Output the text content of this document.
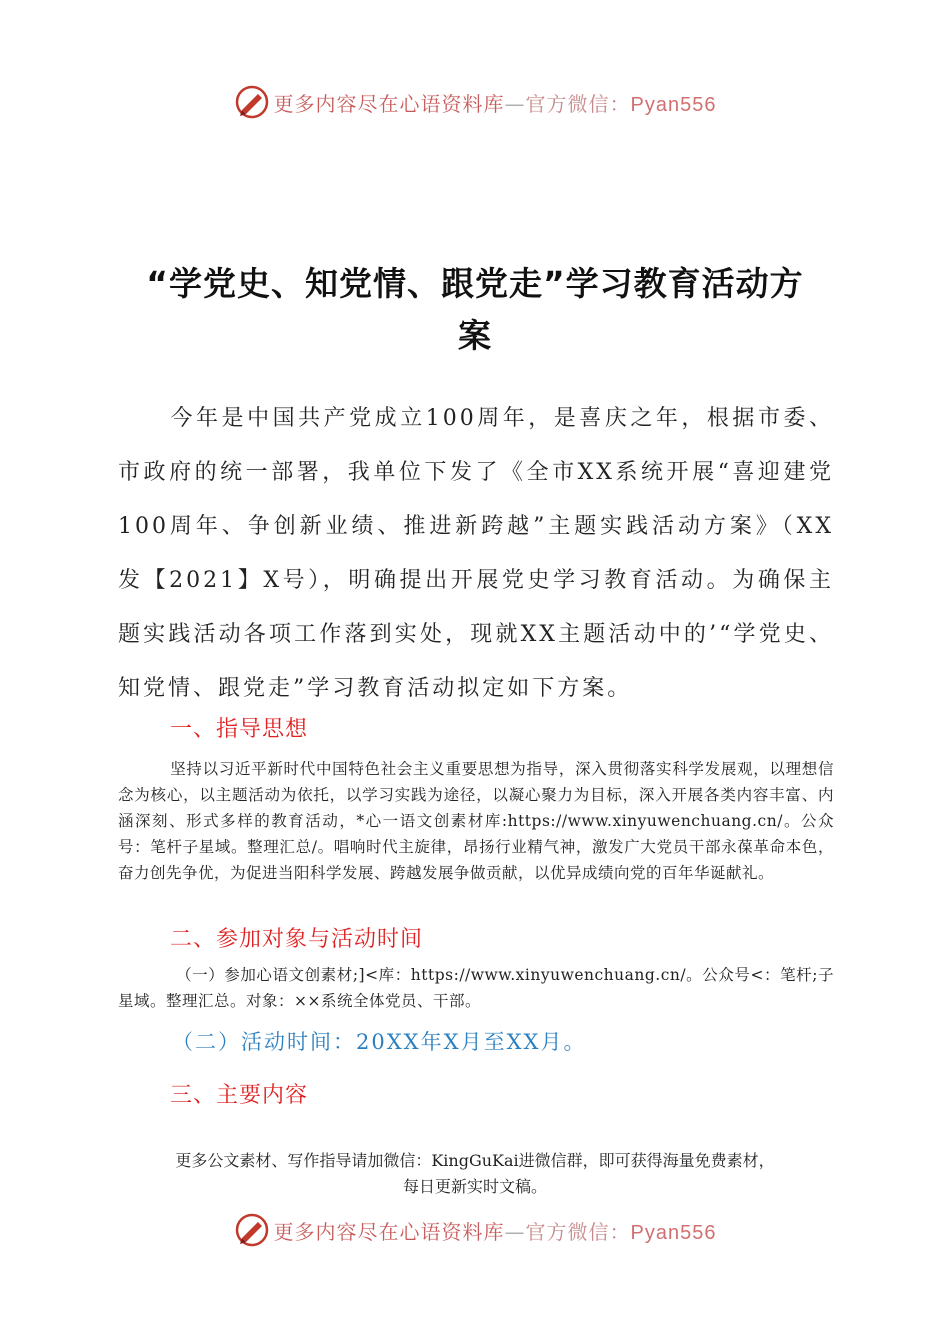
更多内容尽在心语资料库—官方微信：Pyan556
“学党史、知党情、跟党走”学习教育活动方
案
今年是中国共产党成立100周年，是喜庆之年，根据市委、市政府的统一部署，我单位下发了《全市XX系统开展“喜迎建党100周年、争创新业绩、推进新跨越”主题实践活动方案》（XX发【2021】X号），明确提出开展党史学习教育活动。为确保主题实践活动各项工作落到实处，现就XX主题活动中的’“学党史、知党情、跟党走”学习教育活动拟定如下方案。
一、指导思想
坚持以习近平新时代中国特色社会主义重要思想为指导，深入贯彻落实科学发展观，以理想信念为核心，以主题活动为依托，以学习实践为途径，以凝心聚力为目标，深入开展各类内容丰富、内涵深刻、形式多样的教育活动，*心一语文创素材库:https://www.xinyuwenchuang.cn/。公众号：笔杆子星域。整理汇总/。唱响时代主旋律，昂扬行业精气神，激发广大党员干部永葆革命本色，奋力创先争优，为促进当阳科学发展、跨越发展争做贡献，以优异成绩向党的百年华诞献礼。
二、参加对象与活动时间
（一）参加心语文创素材;]<库：https://www.xinyuwenchuang.cn/。公众号<：笔杆;子星域。整理汇总。对象：××系统全体党员、干部。
（二）活动时间：20XX年X月至XX月。
三、主要内容
更多公文素材、写作指导请加微信：KingGuKai进微信群，即可获得海量免费素材，
每日更新实时文稿。
更多内容尽在心语资料库—官方微信：Pyan556
